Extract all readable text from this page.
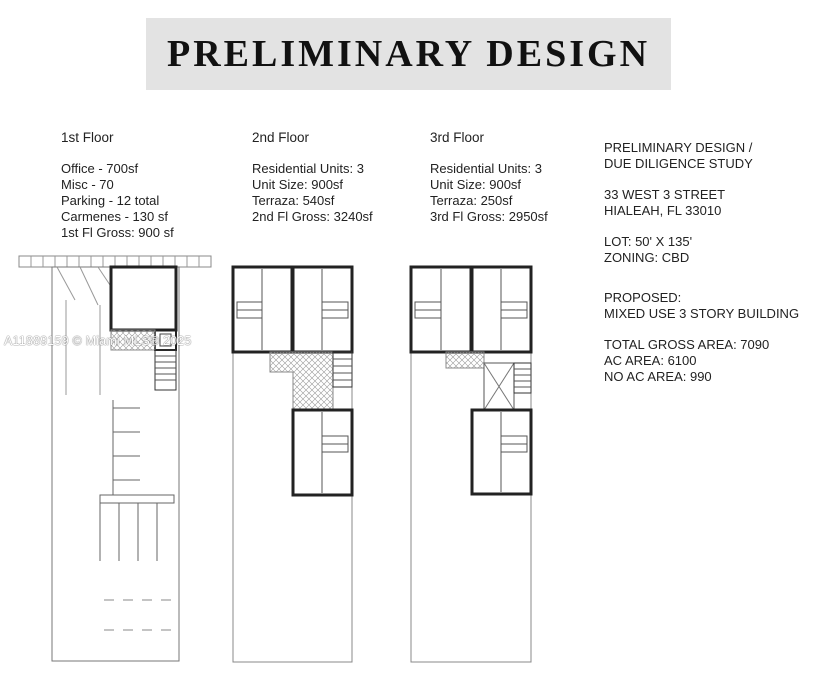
PRELIMINARY DESIGN
1st Floor
Office - 700sf
Misc - 70
Parking - 12 total
Carmenes - 130 sf
1st Fl Gross: 900 sf
2nd Floor
Residential Units: 3
Unit Size: 900sf
Terraza: 540sf
2nd Fl Gross: 3240sf
3rd Floor
Residential Units: 3
Unit Size: 900sf
Terraza: 250sf
3rd Fl Gross: 2950sf
PRELIMINARY DESIGN /
DUE DILIGENCE STUDY
33 WEST 3 STREET
HIALEAH, FL 33010
LOT: 50' X 135'
ZONING: CBD
PROPOSED:
MIXED USE 3 STORY BUILDING
TOTAL GROSS AREA: 7090
AC AREA: 6100
NO AC AREA: 990
A11889159 © Miami MLS® 2025
